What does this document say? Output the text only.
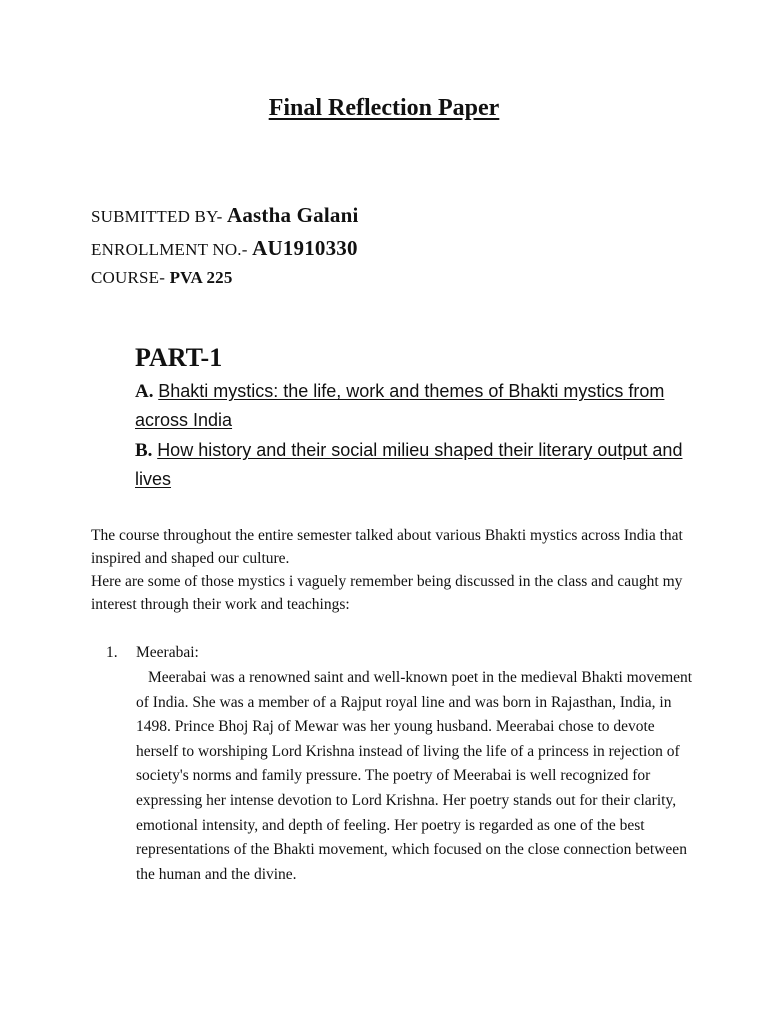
Final Reflection Paper
SUBMITTED BY- Aastha Galani
ENROLLMENT NO.- AU1910330
COURSE- PVA 225
PART-1
A. Bhakti mystics: the life, work and themes of Bhakti mystics from across India
B. How history and their social milieu shaped their literary output and lives

The course throughout the entire semester talked about various Bhakti mystics across India that inspired and shaped our culture.

Here are some of those mystics i vaguely remember being discussed in the class and caught my interest through their work and teachings:

1. Meerabai:

Meerabai was a renowned saint and well-known poet in the medieval Bhakti movement of India. She was a member of a Rajput royal line and was born in Rajasthan, India, in 1498. Prince Bhoj Raj of Mewar was her young husband. Meerabai chose to devote herself to worshiping Lord Krishna instead of living the life of a princess in rejection of society's norms and family pressure. The poetry of Meerabai is well recognized for expressing her intense devotion to Lord Krishna. Her poetry stands out for their clarity, emotional intensity, and depth of feeling. Her poetry is regarded as one of the best representations of the Bhakti movement, which focused on the close connection between the human and the divine.
